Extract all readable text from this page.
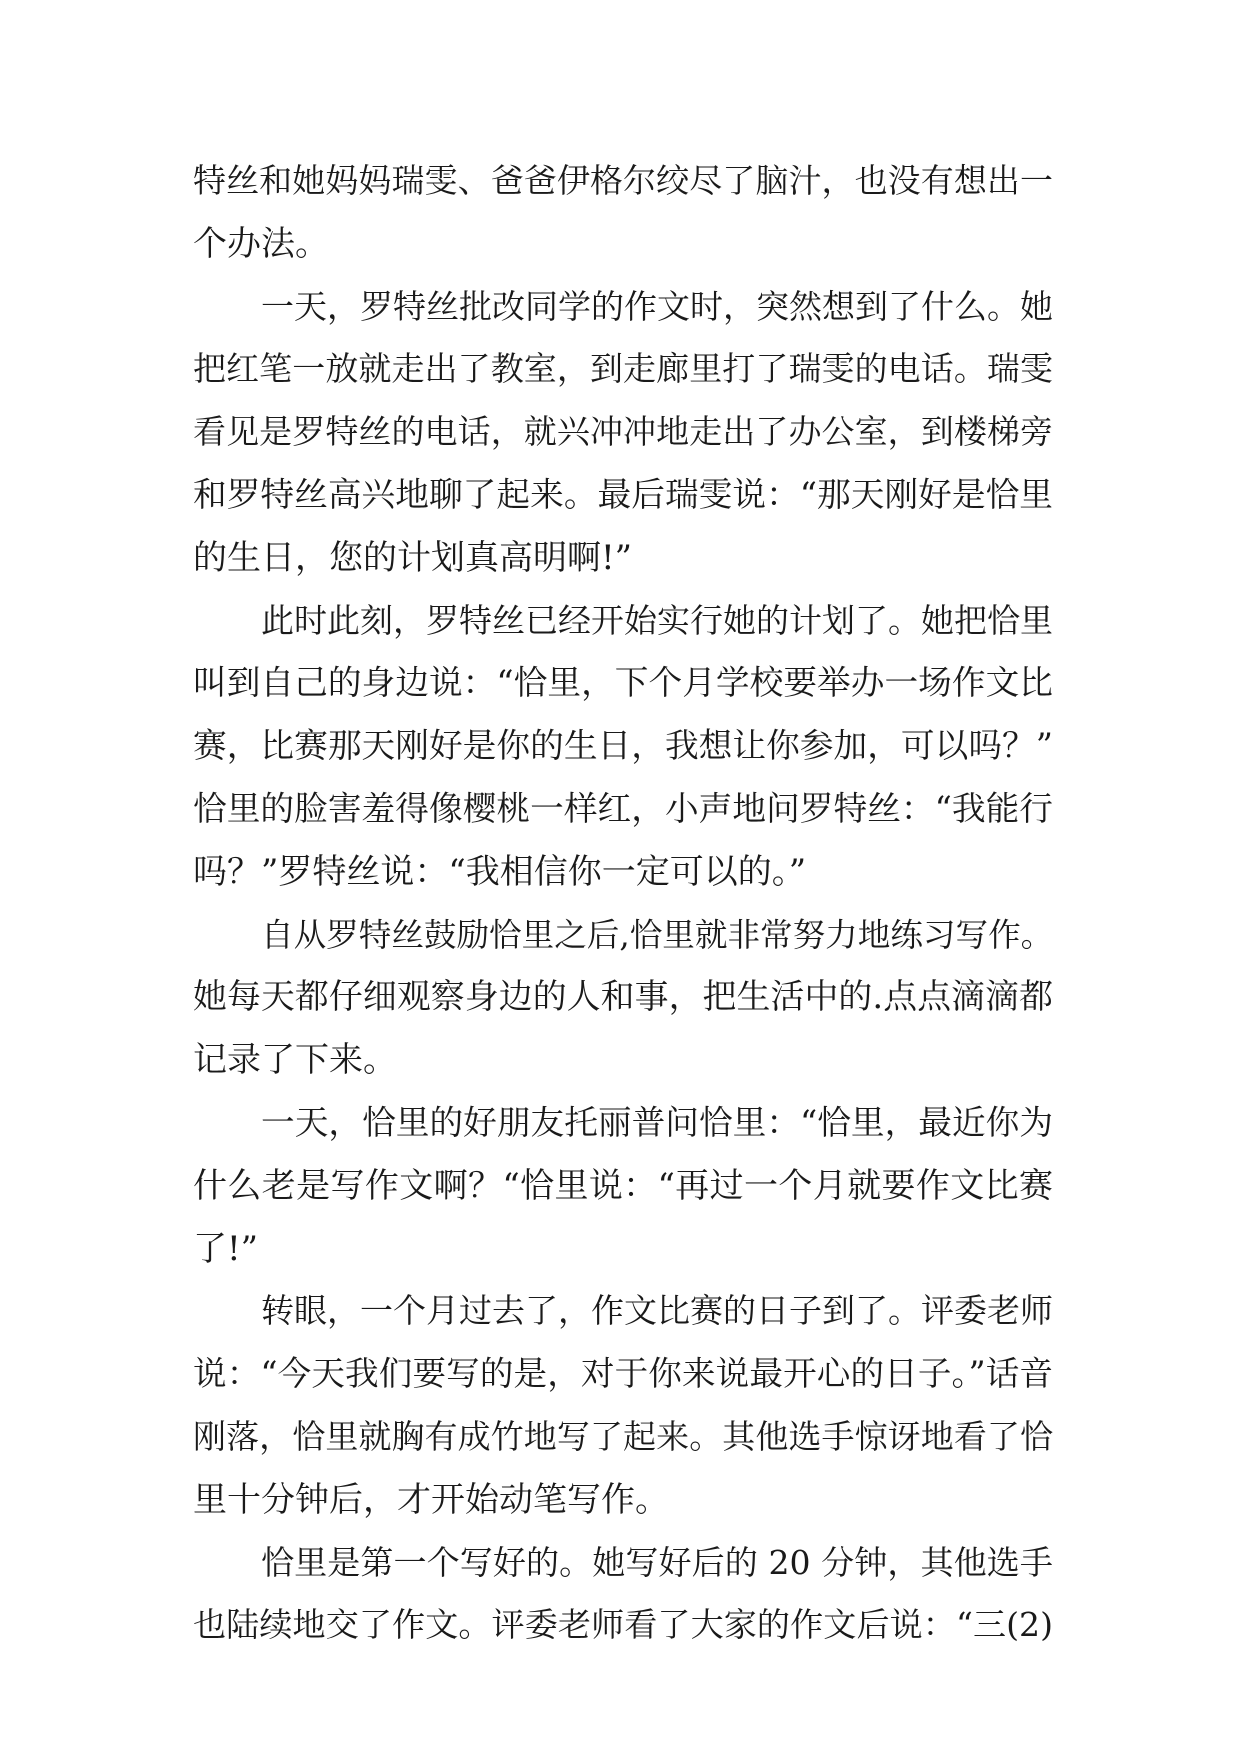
特丝和她妈妈瑞雯、爸爸伊格尔绞尽了脑汁，也没有想出一
个办法。
一天，罗特丝批改同学的作文时，突然想到了什么。她
把红笔一放就走出了教室，到走廊里打了瑞雯的电话。瑞雯
看见是罗特丝的电话，就兴冲冲地走出了办公室，到楼梯旁
和罗特丝高兴地聊了起来。最后瑞雯说：“那天刚好是恰里
的生日，您的计划真高明啊!”
此时此刻，罗特丝已经开始实行她的计划了。她把恰里
叫到自己的身边说：“恰里，下个月学校要举办一场作文比
赛，比赛那天刚好是你的生日，我想让你参加，可以吗？”
恰里的脸害羞得像樱桃一样红，小声地问罗特丝：“我能行
吗？”罗特丝说：“我相信你一定可以的。”
自从罗特丝鼓励恰里之后,恰里就非常努力地练习写作。
她每天都仔细观察身边的人和事，把生活中的.点点滴滴都
记录了下来。
一天，恰里的好朋友托丽普问恰里：“恰里，最近你为
什么老是写作文啊？“恰里说：“再过一个月就要作文比赛
了!”
转眼，一个月过去了，作文比赛的日子到了。评委老师
说：“今天我们要写的是，对于你来说最开心的日子。”话音
刚落，恰里就胸有成竹地写了起来。其他选手惊讶地看了恰
里十分钟后，才开始动笔写作。
恰里是第一个写好的。她写好后的 20 分钟，其他选手
也陆续地交了作文。评委老师看了大家的作文后说：“三(2)
